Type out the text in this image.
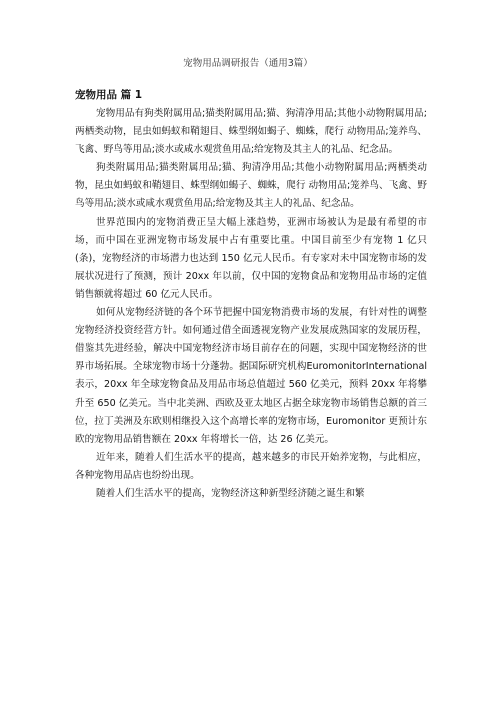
宠物用品调研报告（通用3篇）
宠物用品 篇 1

宠物用品有狗类附属用品;猫类附属用品;猫、狗清净用品;其他小动物附属用品;两栖类动物，昆虫如蚂蚁和鞘翅目、蛛型纲如蝎子、蜘蛛，爬行 动物用品;笼养鸟、飞禽、野鸟等用品;淡水或咸水观赏鱼用品;给宠物及其主人的礼品、纪念品。

狗类附属用品;猫类附属用品;猫、狗清净用品;其他小动物附属用品;两栖类动物，昆虫如蚂蚁和鞘翅目、蛛型纲如蝎子、蜘蛛，爬行 动物用品;笼养鸟、飞禽、野鸟等用品;淡水或咸水观赏鱼用品;给宠物及其主人的礼品、纪念品。

世界范围内的宠物消费正呈大幅上涨趋势，亚洲市场被认为是最有希望的市场，而中国在亚洲宠物市场发展中占有重要比重。中国目前至少有宠物 1 亿只(条)，宠物经济的市场潜力也达到 150 亿元人民币。有专家对未中国宠物市场的发展状况进行了预测，预计 20xx 年以前，仅中国的宠物食品和宠物用品市场的定值销售额就将超过 60 亿元人民币。

如何从宠物经济链的各个环节把握中国宠物消费市场的发展，有针对性的调整宠物经济投资经营方针。如何通过借全面透视宠物产业发展成熟国家的发展历程，借鉴其先进经验，解决中国宠物经济市场目前存在的问题，实现中国宠物经济的世界市场拓展。全球宠物市场十分蓬勃。据国际研究机构EuromonitorInternational表示，20xx 年全球宠物食品及用品市场总值超过 560 亿美元，预料 20xx 年将攀升至 650 亿美元。当中北美洲、西欧及亚太地区占据全球宠物市场销售总额的首三位，拉丁美洲及东欧则相继投入这个高增长率的宠物市场，Euromonitor 更预计东欧的宠物用品销售额在 20xx 年将增长一倍，达 26 亿美元。

近年来，随着人们生活水平的提高，越来越多的市民开始养宠物，与此相应，各种宠物用品店也纷纷出现。

随着人们生活水平的提高，宠物经济这种新型经济随之诞生和繁
